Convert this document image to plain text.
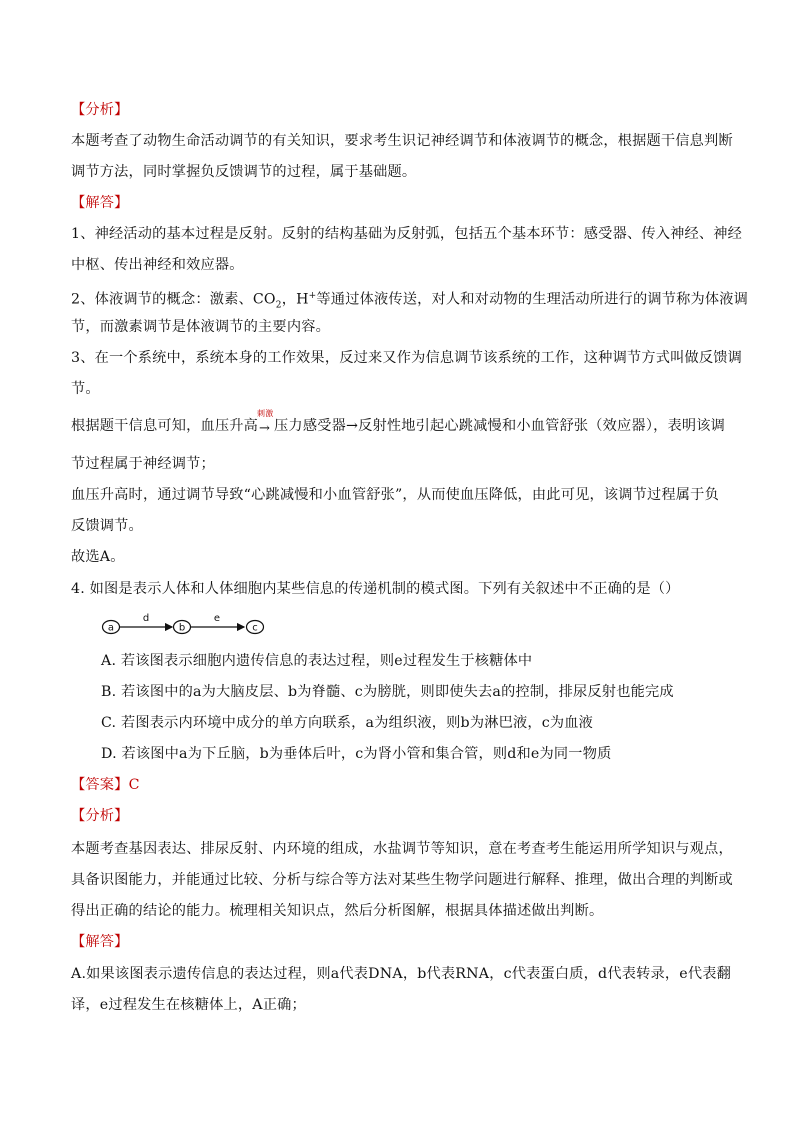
【分析】
本题考查了动物生命活动调节的有关知识，要求考生识记神经调节和体液调节的概念，根据题干信息判断
调节方法，同时掌握负反馈调节的过程，属于基础题。
【解答】
1、神经活动的基本过程是反射。反射的结构基础为反射弧，包括五个基本环节：感受器、传入神经、神经
中枢、传出神经和效应器。
2、体液调节的概念：激素、$CO_2$，H+等通过体液传送，对人和对动物的生理活动所进行的调节称为体液调
节，而激素调节是体液调节的主要内容。
3、在一个系统中，系统本身的工作效果，反过来又作为信息调节该系统的工作，这种调节方式叫做反馈调
节。
根据题干信息可知，血压升高
刺激
→ 压力感受器→反射性地引起心跳减慢和小血管舒张（效应器），表明该调
节过程属于神经调节；
血压升高时，通过调节导致“心跳减慢和小血管舒张”，从而使血压降低，由此可见，该调节过程属于负
反馈调节。
故选A。
4. 如图是表示人体和人体细胞内某些信息的传递机制的模式图。下列有关叙述中不正确的是（）
a
d
b
e
c
A. 若该图表示细胞内遗传信息的表达过程，则e过程发生于核糖体中
B. 若该图中的a为大脑皮层、b为脊髓、c为膀胱，则即使失去a的控制，排尿反射也能完成
C. 若图表示内环境中成分的单方向联系，a为组织液，则b为淋巴液，c为血液
D. 若该图中a为下丘脑，b为垂体后叶，c为肾小管和集合管，则d和e为同一物质
【答案】C
【分析】
本题考查基因表达、排尿反射、内环境的组成，水盐调节等知识，意在考查考生能运用所学知识与观点，
具备识图能力，并能通过比较、分析与综合等方法对某些生物学问题进行解释、推理，做出合理的判断或
得出正确的结论的能力。梳理相关知识点，然后分析图解，根据具体描述做出判断。
【解答】
A.如果该图表示遗传信息的表达过程，则a代表DNA，b代表RNA，c代表蛋白质，d代表转录，e代表翻
译，e过程发生在核糖体上，A正确；
